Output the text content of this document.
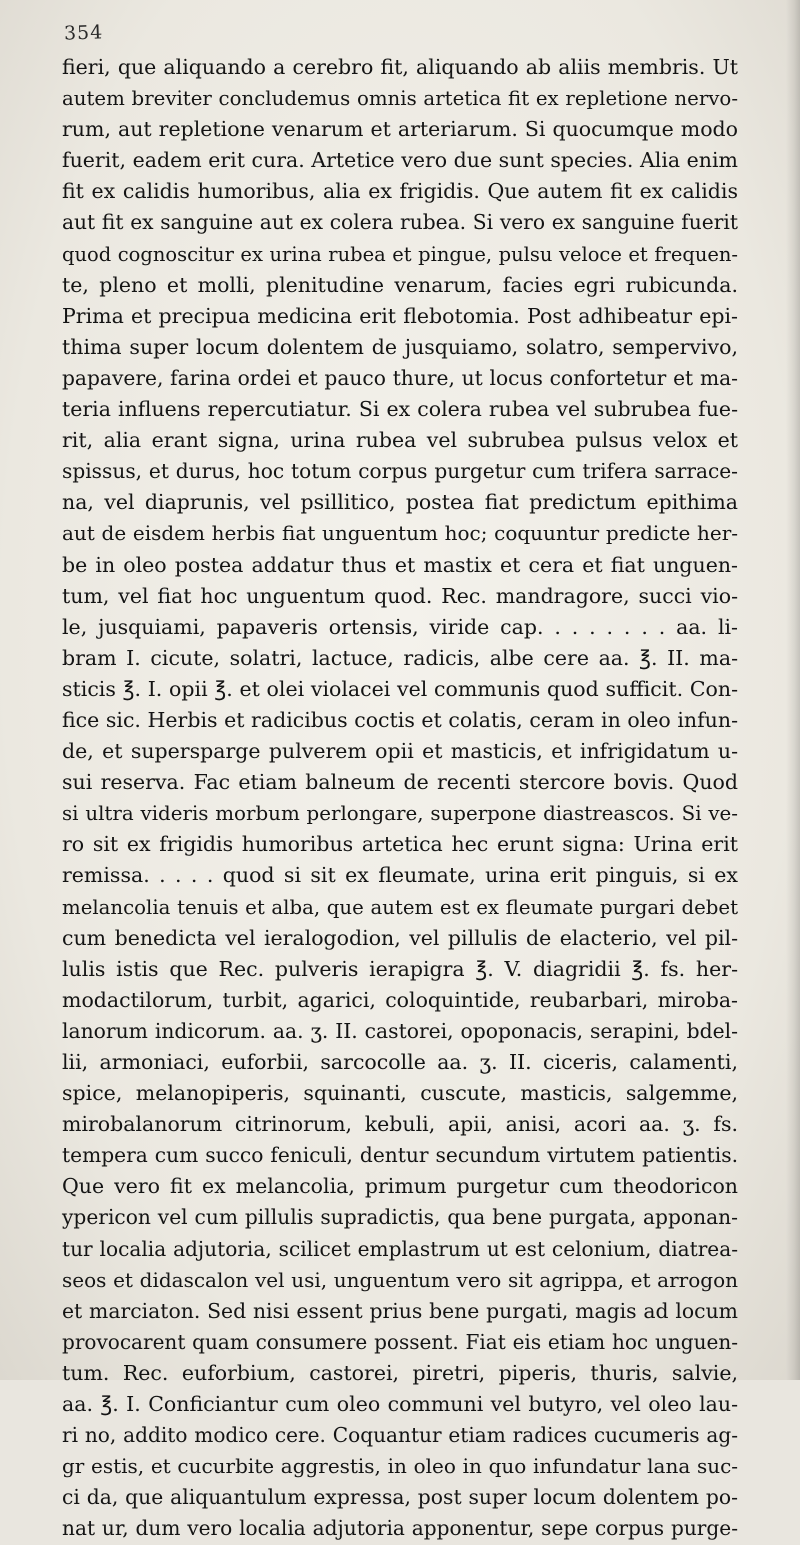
354
fieri, que aliquando a cerebro fit, aliquando ab aliis membris. Ut
autem breviter concludemus omnis artetica fit ex repletione nervo-
rum, aut repletione venarum et arteriarum. Si quocumque modo
fuerit, eadem erit cura. Artetice vero due sunt species. Alia enim
fit ex calidis humoribus, alia ex frigidis. Que autem fit ex calidis
aut fit ex sanguine aut ex colera rubea. Si vero ex sanguine fuerit
quod cognoscitur ex urina rubea et pingue, pulsu veloce et frequen-
te, pleno et molli, plenitudine venarum, facies egri rubicunda.
Prima et precipua medicina erit flebotomia. Post adhibeatur epi-
thima super locum dolentem de jusquiamo, solatro, sempervivo,
papavere, farina ordei et pauco thure, ut locus confortetur et ma-
teria influens repercutiatur. Si ex colera rubea vel subrubea fue-
rit, alia erant signa, urina rubea vel subrubea pulsus velox et
spissus, et durus, hoc totum corpus purgetur cum trifera sarrace-
na, vel diaprunis, vel psillitico, postea fiat predictum epithima
aut de eisdem herbis fiat unguentum hoc; coquuntur predicte her-
be in oleo postea addatur thus et mastix et cera et fiat unguen-
tum, vel fiat hoc unguentum quod. Rec. mandragore, succi vio-
le, jusquiami, papaveris ortensis, viride cap. . . . . . . . aa. li-
bram I. cicute, solatri, lactuce, radicis, albe cere aa. ℥. II. ma-
sticis ℥. I. opii ℥. et olei violacei vel communis quod sufficit. Con-
fice sic. Herbis et radicibus coctis et colatis, ceram in oleo infun-
de, et supersparge pulverem opii et masticis, et infrigidatum u-
sui reserva. Fac etiam balneum de recenti stercore bovis. Quod
si ultra videris morbum perlongare, superpone diastreascos. Si ve-
ro sit ex frigidis humoribus artetica hec erunt signa: Urina erit
remissa. . . . . quod si sit ex fleumate, urina erit pinguis, si ex
melancolia tenuis et alba, que autem est ex fleumate purgari debet
cum benedicta vel ieralogodion, vel pillulis de elacterio, vel pil-
lulis istis que Rec. pulveris ierapigra ℥. V. diagridii ℥. fs. her-
modactilorum, turbit, agarici, coloquintide, reubarbari, miroba-
lanorum indicorum. aa. ʒ. II. castorei, opoponacis, serapini, bdel-
lii, armoniaci, euforbii, sarcocolle aa. ʒ. II. ciceris, calamenti,
spice, melanopiperis, squinanti, cuscute, masticis, salgemme,
mirobalanorum citrinorum, kebuli, apii, anisi, acori aa. ʒ. fs.
tempera cum succo feniculi, dentur secundum virtutem patientis.
Que vero fit ex melancolia, primum purgetur cum theodoricon
ypericon vel cum pillulis supradictis, qua bene purgata, apponan-
tur localia adjutoria, scilicet emplastrum ut est celonium, diatrea-
seos et didascalon vel usi, unguentum vero sit agrippa, et arrogon
et marciaton. Sed nisi essent prius bene purgati, magis ad locum
provocarent quam consumere possent. Fiat eis etiam hoc unguen-
tum. Rec. euforbium, castorei, piretri, piperis, thuris, salvie,
aa. ℥. I. Conficiantur cum oleo communi vel butyro, vel oleo lau-
ri no, addito modico cere. Coquantur etiam radices cucumeris ag-
gr estis, et cucurbite aggrestis, in oleo in quo infundatur lana suc-
ci da, que aliquantulum expressa, post super locum dolentem po-
nat ur, dum vero localia adjutoria apponentur, sepe corpus purge-
